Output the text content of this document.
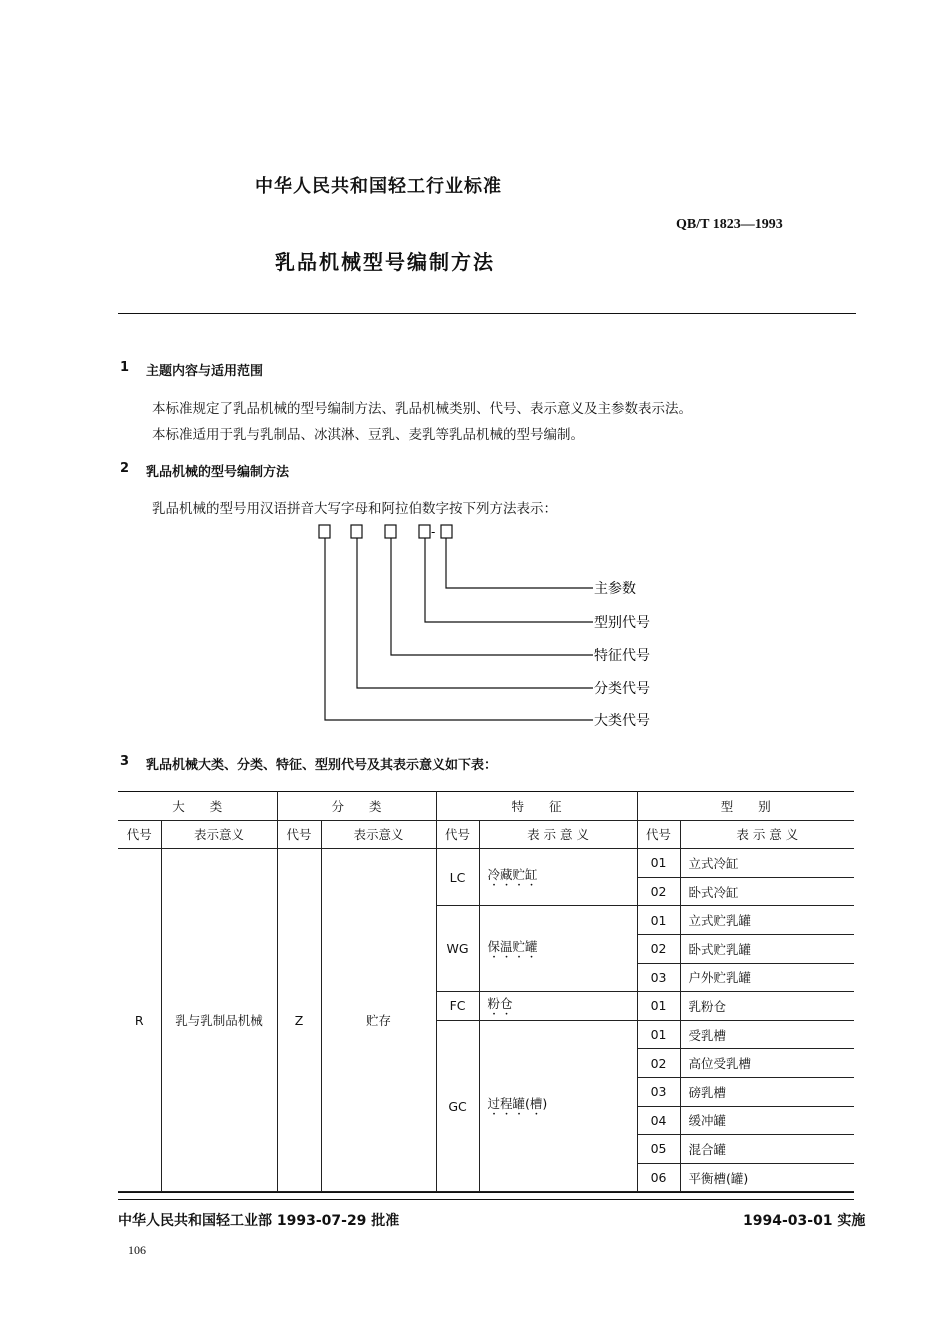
中华人民共和国轻工行业标准
QB/T 1823—1993
乳品机械型号编制方法
1 主题内容与适用范围
本标准规定了乳品机械的型号编制方法、乳品机械类别、代号、表示意义及主参数表示法。
本标准适用于乳与乳制品、冰淇淋、豆乳、麦乳等乳品机械的型号编制。
2 乳品机械的型号编制方法
乳品机械的型号用汉语拼音大写字母和阿拉伯数字按下列方法表示：
-
主参数
型别代号
特征代号
分类代号
大类代号
3 乳品机械大类、分类、特征、型别代号及其表示意义如下表：
大　　类		分　　类		特　　征		型　　别	
代号	表示意义	代号	表示意义	代号	表 示 意 义	代号	表 示 意 义
R	乳与乳制品机械	Z	贮存	LC	冷藏贮缸	01	立式冷缸
						02	卧式冷缸
				WG	保温贮罐	01	立式贮乳罐
						02	卧式贮乳罐
						03	户外贮乳罐
				FC	粉仓	01	乳粉仓
				GC	过程罐(槽)	01	受乳槽
						02	高位受乳槽
						03	磅乳槽
						04	缓冲罐
						05	混合罐
						06	平衡槽(罐)
中华人民共和国轻工业部 1993-07-29 批准	1994-03-01 实施
106
